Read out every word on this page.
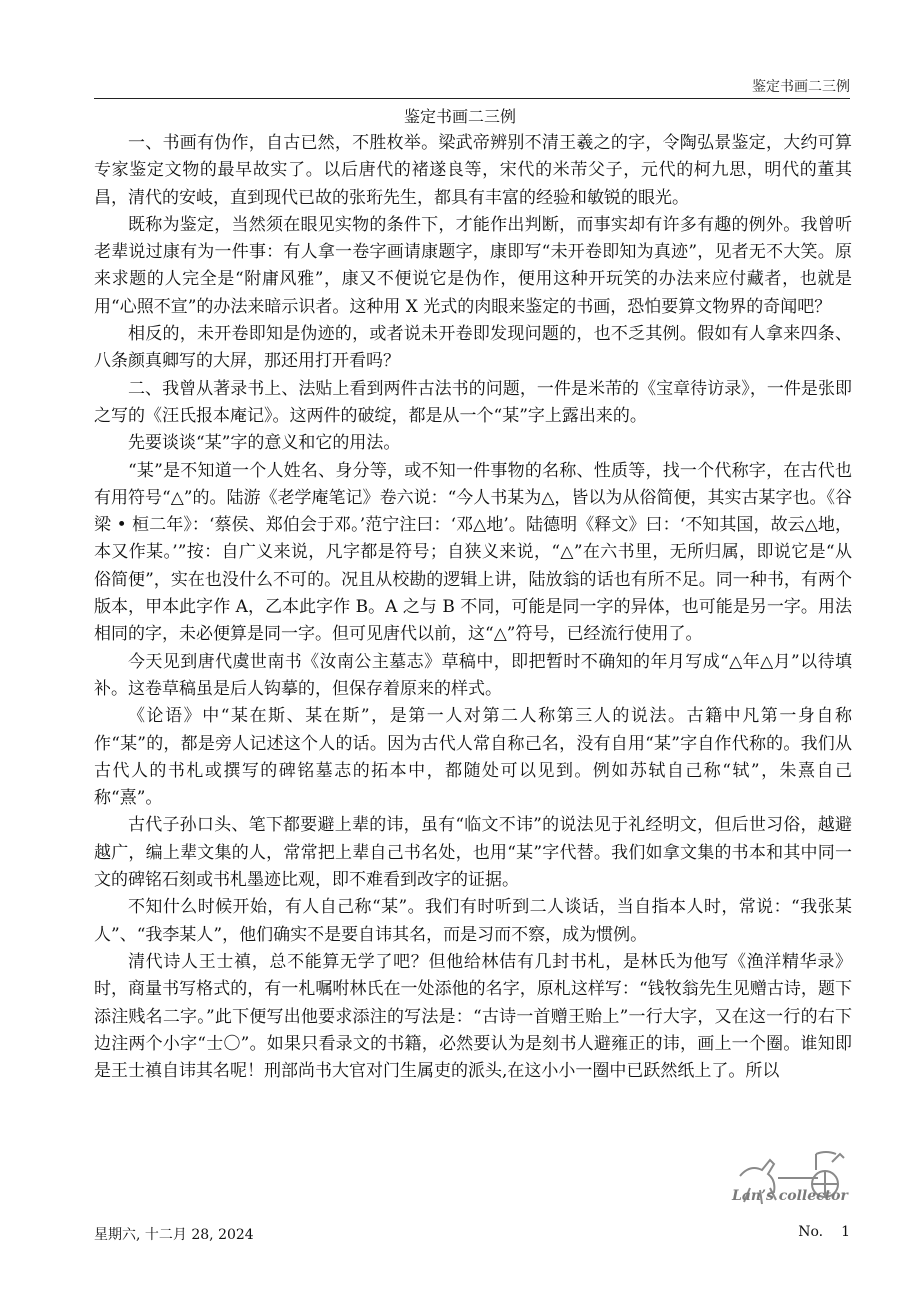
鉴定书画二三例
鉴定书画二三例

一、书画有伪作，自古已然，不胜枚举。梁武帝辨别不清王羲之的字，令陶弘景鉴定，大约可算专家鉴定文物的最早故实了。以后唐代的褚遂良等，宋代的米芾父子，元代的柯九思，明代的董其昌，清代的安岐，直到现代已故的张珩先生，都具有丰富的经验和敏锐的眼光。

既称为鉴定，当然须在眼见实物的条件下，才能作出判断，而事实却有许多有趣的例外。我曾听老辈说过康有为一件事：有人拿一卷字画请康题字，康即写“未开卷即知为真迹”，见者无不大笑。原来求题的人完全是“附庸风雅”，康又不便说它是伪作，便用这种开玩笑的办法来应付藏者，也就是用“心照不宣”的办法来暗示识者。这种用 X 光式的肉眼来鉴定的书画，恐怕要算文物界的奇闻吧？

相反的，未开卷即知是伪迹的，或者说未开卷即发现问题的，也不乏其例。假如有人拿来四条、八条颜真卿写的大屏，那还用打开看吗？

二、我曾从著录书上、法贴上看到两件古法书的问题，一件是米芾的《宝章待访录》，一件是张即之写的《汪氏报本庵记》。这两件的破绽，都是从一个“某”字上露出来的。

先要谈谈“某”字的意义和它的用法。

“某”是不知道一个人姓名、身分等，或不知一件事物的名称、性质等，找一个代称字，在古代也有用符号“△”的。陆游《老学庵笔记》卷六说：“今人书某为△，皆以为从俗简便，其实古某字也。《谷梁 • 桓二年》：‘蔡侯、郑伯会于邓。’范宁注曰：‘邓△地’。陆德明《释文》曰：‘不知其国，故云△地，本又作某。’”按：自广义来说，凡字都是符号；自狭义来说，“△”在六书里，无所归属，即说它是“从俗简便”，实在也没什么不可的。况且从校勘的逻辑上讲，陆放翁的话也有所不足。同一种书，有两个版本，甲本此字作 A，乙本此字作 B。A 之与 B 不同，可能是同一字的异体，也可能是另一字。用法相同的字，未必便算是同一字。但可见唐代以前，这“△”符号，已经流行使用了。

今天见到唐代虞世南书《汝南公主墓志》草稿中，即把暂时不确知的年月写成“△年△月”以待填补。这卷草稿虽是后人钩摹的，但保存着原来的样式。

《论语》中“某在斯、某在斯”，是第一人对第二人称第三人的说法。古籍中凡第一身自称作“某”的，都是旁人记述这个人的话。因为古代人常自称己名，没有自用“某”字自作代称的。我们从古代人的书札或撰写的碑铭墓志的拓本中，都随处可以见到。例如苏轼自己称“轼”，朱熹自己称“熹”。

古代子孙口头、笔下都要避上辈的讳，虽有“临文不讳”的说法见于礼经明文，但后世习俗，越避越广，编上辈文集的人，常常把上辈自己书名处，也用“某”字代替。我们如拿文集的书本和其中同一文的碑铭石刻或书札墨迹比观，即不难看到改字的证据。

不知什么时候开始，有人自己称“某”。我们有时听到二人谈话，当自指本人时，常说：“我张某人”、“我李某人”，他们确实不是要自讳其名，而是习而不察，成为惯例。

清代诗人王士禛，总不能算无学了吧？但他给林佶有几封书札，是林氏为他写《渔洋精华录》时，商量书写格式的，有一札嘱咐林氏在一处添他的名字，原札这样写：“钱牧翁先生见赠古诗，题下添注贱名二字。”此下便写出他要求添注的写法是：“古诗一首赠王贻上”一行大字，又在这一行的右下边注两个小字“士〇”。如果只看录文的书籍，必然要认为是刻书人避雍正的讳，画上一个圈。谁知即是王士禛自讳其名呢！刑部尚书大官对门生属吏的派头,在这小小一圈中已跃然纸上了。所以

Lan’s collector
星期六, 十二月 28, 2024	No. 1
